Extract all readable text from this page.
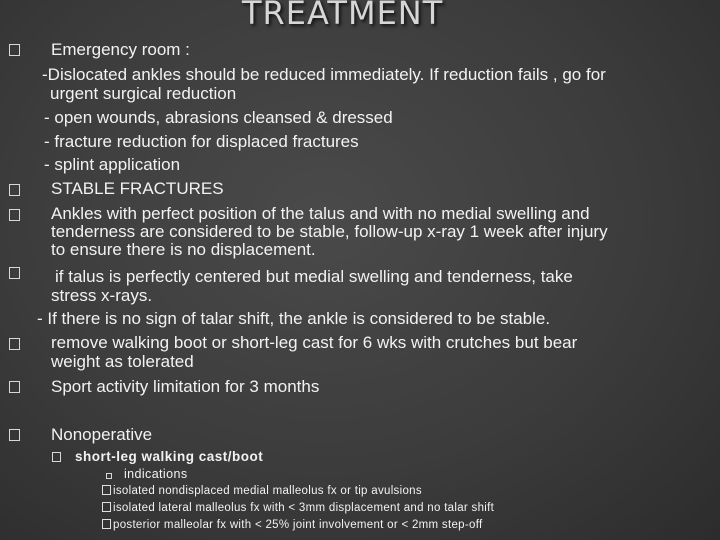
TREATMENT
Emergency room :
-Dislocated ankles should be reduced immediately. If reduction fails , go for
urgent surgical reduction
- open wounds, abrasions cleansed & dressed
- fracture reduction for displaced fractures
- splint application
STABLE FRACTURES
Ankles with perfect position of the talus and with no medial swelling and
tenderness are considered to be stable, follow-up x-ray 1 week after injury
to ensure there is no displacement.
if talus is perfectly centered but medial swelling and tenderness, take
stress x-rays.
- If there is no sign of talar shift, the ankle is considered to be stable.
remove walking boot or short-leg cast for 6 wks with crutches but bear
weight as tolerated
Sport activity limitation for 3 months
Nonoperative
short-leg walking cast/boot
indications
isolated nondisplaced medial malleolus fx or tip avulsions
isolated lateral malleolus fx with < 3mm displacement and no talar shift
posterior malleolar fx with < 25% joint involvement or < 2mm step-off
